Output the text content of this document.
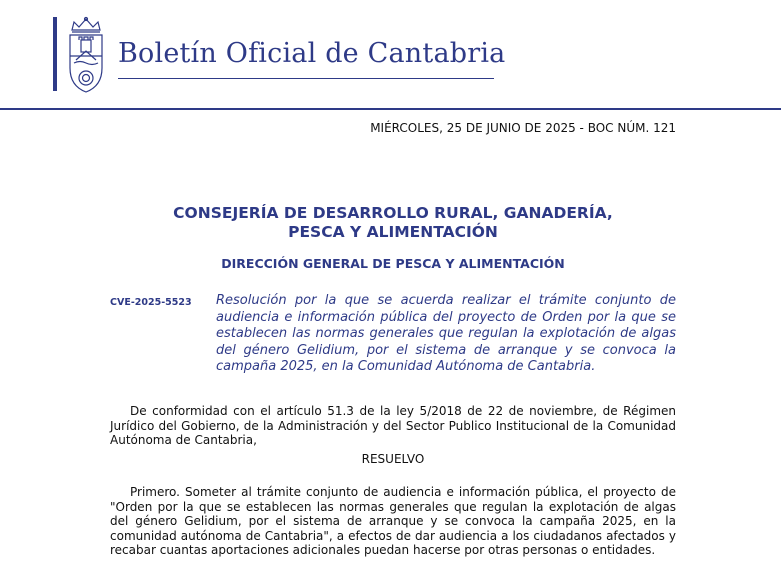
Boletín Oficial de Cantabria
MIÉRCOLES, 25 DE JUNIO DE 2025 - BOC NÚM. 121
CONSEJERÍA DE DESARROLLO RURAL, GANADERÍA,
PESCA Y ALIMENTACIÓN
DIRECCIÓN GENERAL DE PESCA Y ALIMENTACIÓN
CVE-2025-5523 Resolución por la que se acuerda realizar el trámite conjunto de audiencia e información pública del proyecto de Orden por la que se establecen las normas generales que regulan la explotación de algas del género Gelidium, por el sistema de arranque y se convoca la campaña 2025, en la Comunidad Autónoma de Cantabria.
De conformidad con el artículo 51.3 de la ley 5/2018 de 22 de noviembre, de Régimen Jurídico del Gobierno, de la Administración y del Sector Publico Institucional de la Comunidad Autónoma de Cantabria,
RESUELVO
Primero. Someter al trámite conjunto de audiencia e información pública, el proyecto de "Orden por la que se establecen las normas generales que regulan la explotación de algas del género Gelidium, por el sistema de arranque y se convoca la campaña 2025, en la comunidad autónoma de Cantabria", a efectos de dar audiencia a los ciudadanos afectados y recabar cuantas aportaciones adicionales puedan hacerse por otras personas o entidades.
